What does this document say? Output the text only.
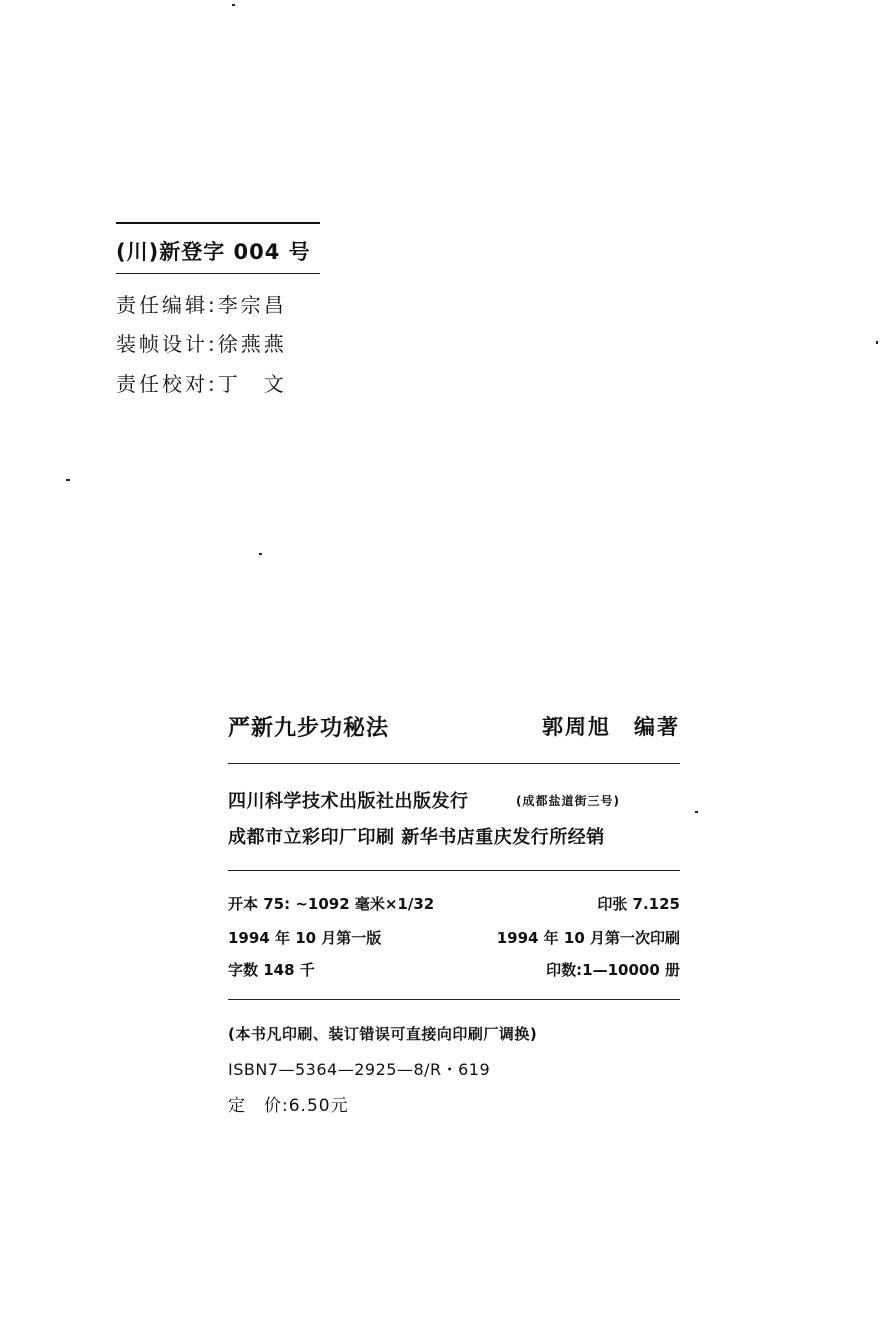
(川)新登字 004 号
责任编辑:李宗昌
装帧设计:徐燕燕
责任校对:丁　文
严新九步功秘法	郭周旭　编著
四川科学技术出版社出版发行	(成都盐道街三号)
成都市立彩印厂印刷 新华书店重庆发行所经销
开本 75: ~1092 毫米×1/32	印张 7.125
1994 年 10 月第一版	1994 年 10 月第一次印刷
字数 148 千	印数:1—10000 册
(本书凡印刷、装订错误可直接向印刷厂调换)
ISBN7—5364—2925—8/R・619
定　价:6.50元
